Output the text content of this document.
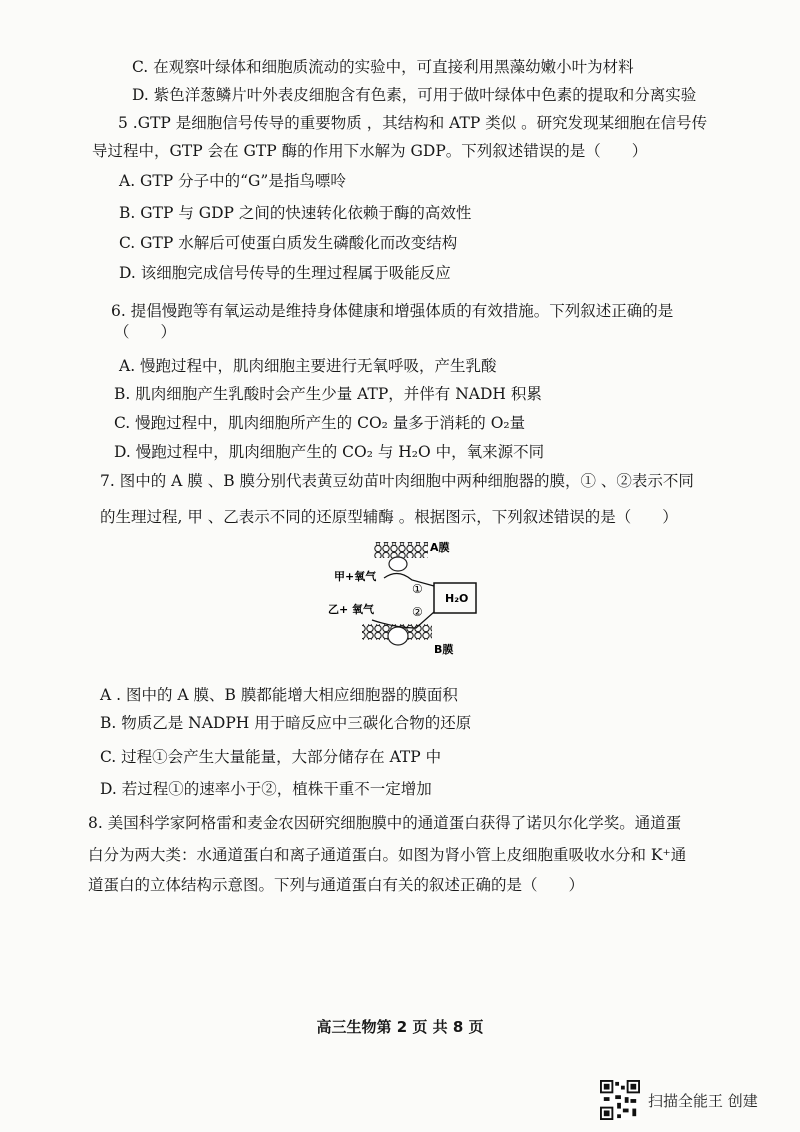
C. 在观察叶绿体和细胞质流动的实验中，可直接利用黑藻幼嫩小叶为材料
D. 紫色洋葱鳞片叶外表皮细胞含有色素，可用于做叶绿体中色素的提取和分离实验
5 .GTP 是细胞信号传导的重要物质 ，其结构和 ATP 类似 。研究发现某细胞在信号传
导过程中，GTP 会在 GTP 酶的作用下水解为 GDP。下列叙述错误的是（　　）
A. GTP 分子中的“G”是指鸟嘌呤
B. GTP 与 GDP 之间的快速转化依赖于酶的高效性
C. GTP 水解后可使蛋白质发生磷酸化而改变结构
D. 该细胞完成信号传导的生理过程属于吸能反应
6. 提倡慢跑等有氧运动是维持身体健康和增强体质的有效措施。下列叙述正确的是
（　　）
A. 慢跑过程中，肌肉细胞主要进行无氧呼吸，产生乳酸
B. 肌肉细胞产生乳酸时会产生少量 ATP，并伴有 NADH 积累
C. 慢跑过程中，肌肉细胞所产生的 CO₂ 量多于消耗的 O₂量
D. 慢跑过程中，肌肉细胞产生的 CO₂ 与 H₂O 中，氧来源不同
7. 图中的 A 膜 、B 膜分别代表黄豆幼苗叶肉细胞中两种细胞器的膜，① 、②表示不同
的生理过程, 甲 、乙表示不同的还原型辅酶 。根据图示，下列叙述错误的是（　　）
A膜
B膜
甲+氧气
乙+ 氧气
①
②
H₂O
A . 图中的 A 膜、B 膜都能增大相应细胞器的膜面积
B. 物质乙是 NADPH 用于暗反应中三碳化合物的还原
C. 过程①会产生大量能量，大部分储存在 ATP 中
D. 若过程①的速率小于②，植株干重不一定增加
8. 美国科学家阿格雷和麦金农因研究细胞膜中的通道蛋白获得了诺贝尔化学奖。通道蛋
白分为两大类：水通道蛋白和离子通道蛋白。如图为肾小管上皮细胞重吸收水分和 K⁺通
道蛋白的立体结构示意图。下列与通道蛋白有关的叙述正确的是（　　）
高三生物第 2 页 共 8 页
扫描全能王 创建
